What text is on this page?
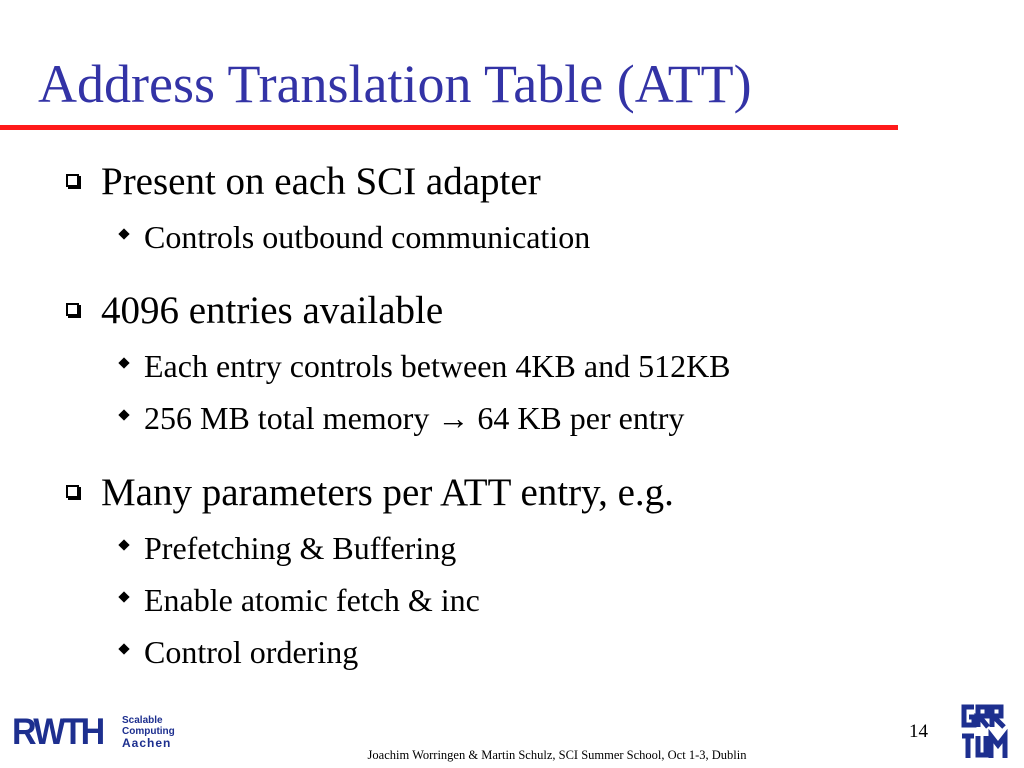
Address Translation Table (ATT)
Present on each SCI adapter
Controls outbound communication
4096 entries available
Each entry controls between 4KB and 512KB
256 MB total memory → 64 KB per entry
Many parameters per ATT entry, e.g.
Prefetching & Buffering
Enable atomic fetch & inc
Control ordering
RWTH Scalable
Computing
Aachen
14
Joachim Worringen & Martin Schulz, SCI Summer School, Oct 1-3, Dublin
